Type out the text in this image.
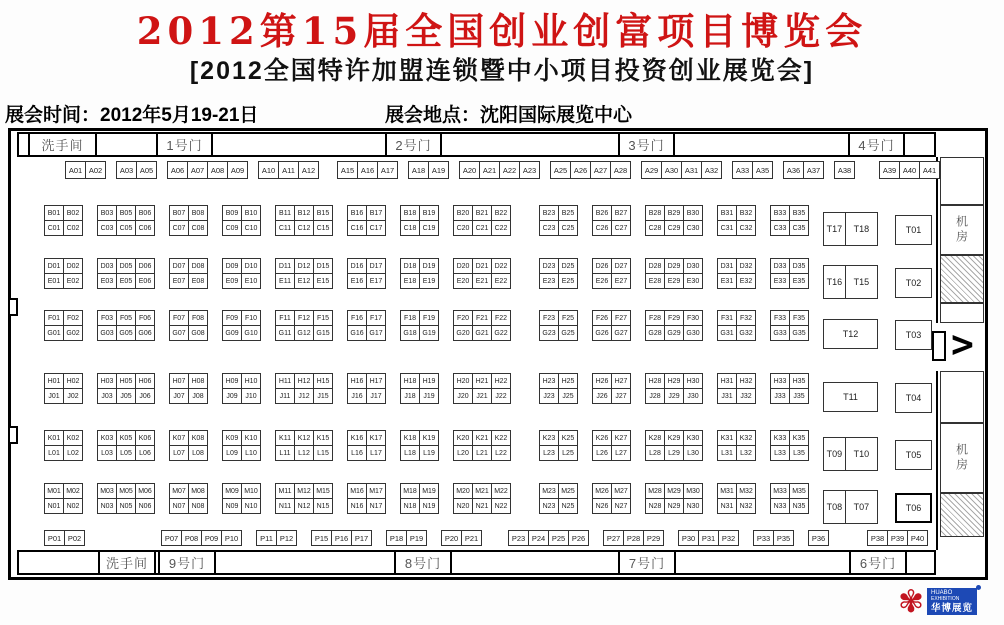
2012第15届全国创业创富项目博览会
[2012全国特许加盟连锁暨中小项目投资创业展览会]
展会时间：2012年5月19-21日	展会地点：沈阳国际展览中心
洗手间	1号门	2号门	3号门	4号门
洗手间	9号门	8号门	7号门	6号门
机房
机房
>
A01 A02	A03 A05	A06 A07 A08 A09	A10 A11 A12	A15 A16 A17	A18 A19	A20 A21 A22 A23	A25 A26 A27 A28	A29 A30 A31 A32	A33 A35	A36 A37	A38	A39 A40 A41
B01 B02
C01 C02
B03 B05 B06
C03 C05 C06
B07 B08
C07 C08
B09 B10
C09 C10
B11 B12 B15
C11 C12 C15
B16 B17
C16 C17
B18 B19
C18 C19
B20 B21 B22
C20 C21 C22
B23 B25
C23 C25
B26 B27
C26 C27
B28 B29 B30
C28 C29 C30
B31 B32
C31 C32
B33 B35
C33 C35	T17	T18	T01
D01 D02
E01 E02
D03 D05 D06
E03 E05 E06
D07 D08
E07 E08
D09 D10
E09 E10
D11 D12 D15
E11 E12 E15
D16 D17
E16 E17
D18 D19
E18 E19
D20 D21 D22
E20 E21 E22
D23 D25
E23 E25
D26 D27
E26 E27
D28 D29 D30
E28 E29 E30
D31 D32
E31 E32
D33 D35
E33 E35	T16	T15	T02
F01 F02
G01 G02
F03 F05 F06
G03 G05 G06
F07 F08
G07 G08
F09 F10
G09 G10
F11	F12 F15
G11 G12 G15
F16 F17
G16 G17
F18 F19
G18 G19
F20 F21 F22
G20 G21 G22
F23 F25
G23 G25
F26 F27
G26 G27
F28 F29 F30
G28 G29 G30
F31 F32
G31 G32
F33 F35
G33 G35	T12	T03
H01 H02
J01	J02
H03 H05 H06
J03	J05	J06
H07 H08
J07	J08
H09 H10
J09	J10
H11 H12 H15
J11	J12	J15
H16 H17
J16	J17
H18 H19
J18	J19
H20 H21 H22
J20	J21	J22
H23 H25
J23	J25
H26 H27
J26	J27
H28 H29 H30
J28	J29	J30
H31 H32
J31	J32
H33 H35
J33	J35	T11	T04
K01 K02
L01	L02
K03 K05 K06
L03	L05	L06
K07 K08
L07	L08
K09 K10
L09	L10
K11 K12 K15
L11	L12	L15
K16 K17
L16	L17
K18 K19
L18	L19
K20 K21 K22
L20	L21	L22
K23 K25
L23	L25
K26 K27
L26	L27
K28 K29 K30
L28	L29	L30
K31 K32
L31	L32
K33 K35
L33	L35	T09	T10	T05
M01 M02
N01 N02
M03 M05 M06
N03 N05 N06
M07 M08
N07 N08
M09 M10
N09 N10
M11 M12 M15
N11 N12 N15
M16 M17
N16 N17
M18 M19
N18 N19
M20 M21 M22
N20 N21 N22
M23 M25
N23 N25
M26 M27
N26 N27
M28 M29 M30
N28 N29 N30
M31 M32
N31 N32
M33 M35
N33 N35	T08	T07	T06
P01 P02	P07 P08 P09 P10	P11 P12	P15 P16 P17	P18 P19	P20 P21	P23 P24 P25 P26	P27 P28 P29	P30 P31 P32	P33 P35	P36	P38 P39 P40
✾ HUABO
EXHIBITION
华博展览
